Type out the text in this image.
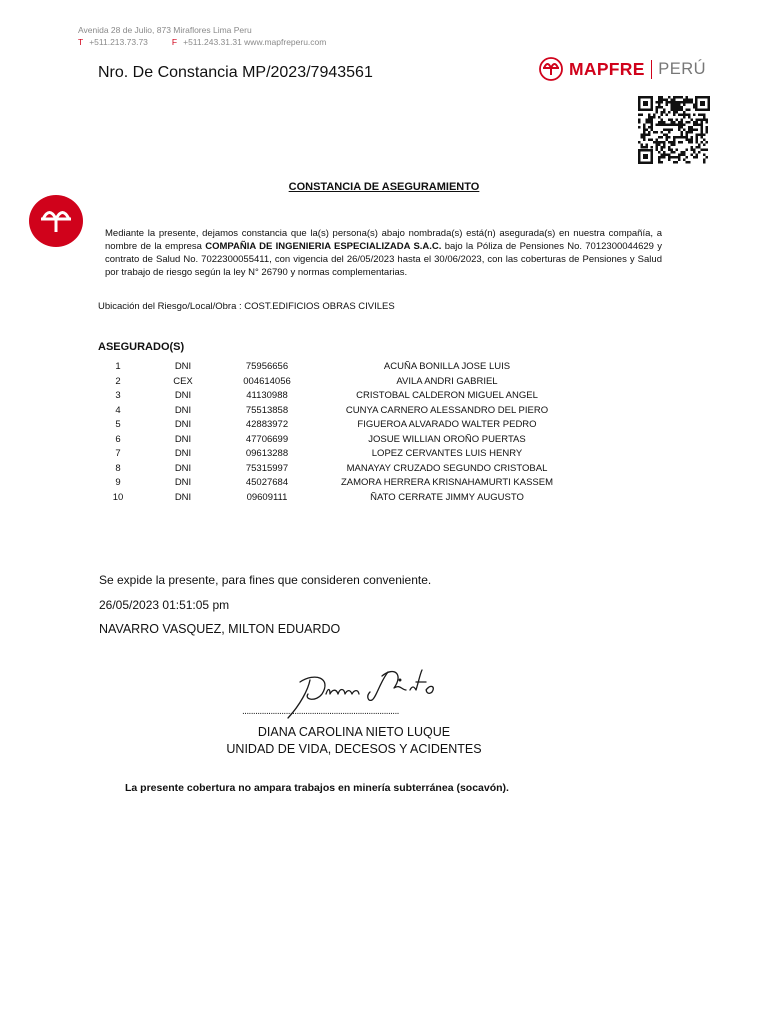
Avenida 28 de Julio, 873 Miraflores Lima Peru
T +511.213.73.73	F +511.243.31.31 www.mapfreperu.com
Nro. De Constancia MP/2023/7943561	MAPFRE PERÚ
CONSTANCIA DE ASEGURAMIENTO
Mediante la presente, dejamos constancia que la(s) persona(s) abajo nombrada(s) está(n) asegurada(s) en nuestra compañía, a nombre de la empresa COMPAÑIA DE INGENIERIA ESPECIALIZADA S.A.C. bajo la Póliza de Pensiones No. 7012300044629 y contrato de Salud No. 7022300055411, con vigencia del 26/05/2023 hasta el 30/06/2023, con las coberturas de Pensiones y Salud por trabajo de riesgo según la ley N° 26790 y normas complementarias.
Ubicación del Riesgo/Local/Obra : COST.EDIFICIOS OBRAS CIVILES
ASEGURADO(S)
1	DNI	75956656	ACUÑA BONILLA JOSE LUIS
2	CEX	004614056	AVILA ANDRI GABRIEL
3	DNI	41130988	CRISTOBAL CALDERON MIGUEL ANGEL
4	DNI	75513858	CUNYA CARNERO ALESSANDRO DEL PIERO
5	DNI	42883972	FIGUEROA ALVARADO WALTER PEDRO
6	DNI	47706699	JOSUE WILLIAN OROÑO PUERTAS
7	DNI	09613288	LOPEZ CERVANTES LUIS HENRY
8	DNI	75315997	MANAYAY CRUZADO SEGUNDO CRISTOBAL
9	DNI	45027684	ZAMORA HERRERA KRISNAHAMURTI KASSEM
10	DNI	09609111	ÑATO CERRATE JIMMY AUGUSTO
Se expide la presente, para fines que consideren conveniente.
26/05/2023 01:51:05 pm
NAVARRO VASQUEZ, MILTON EDUARDO
........................................................................
DIANA CAROLINA NIETO LUQUE
UNIDAD DE VIDA, DECESOS Y ACIDENTES
La presente cobertura no ampara trabajos en minería subterránea (socavón).
